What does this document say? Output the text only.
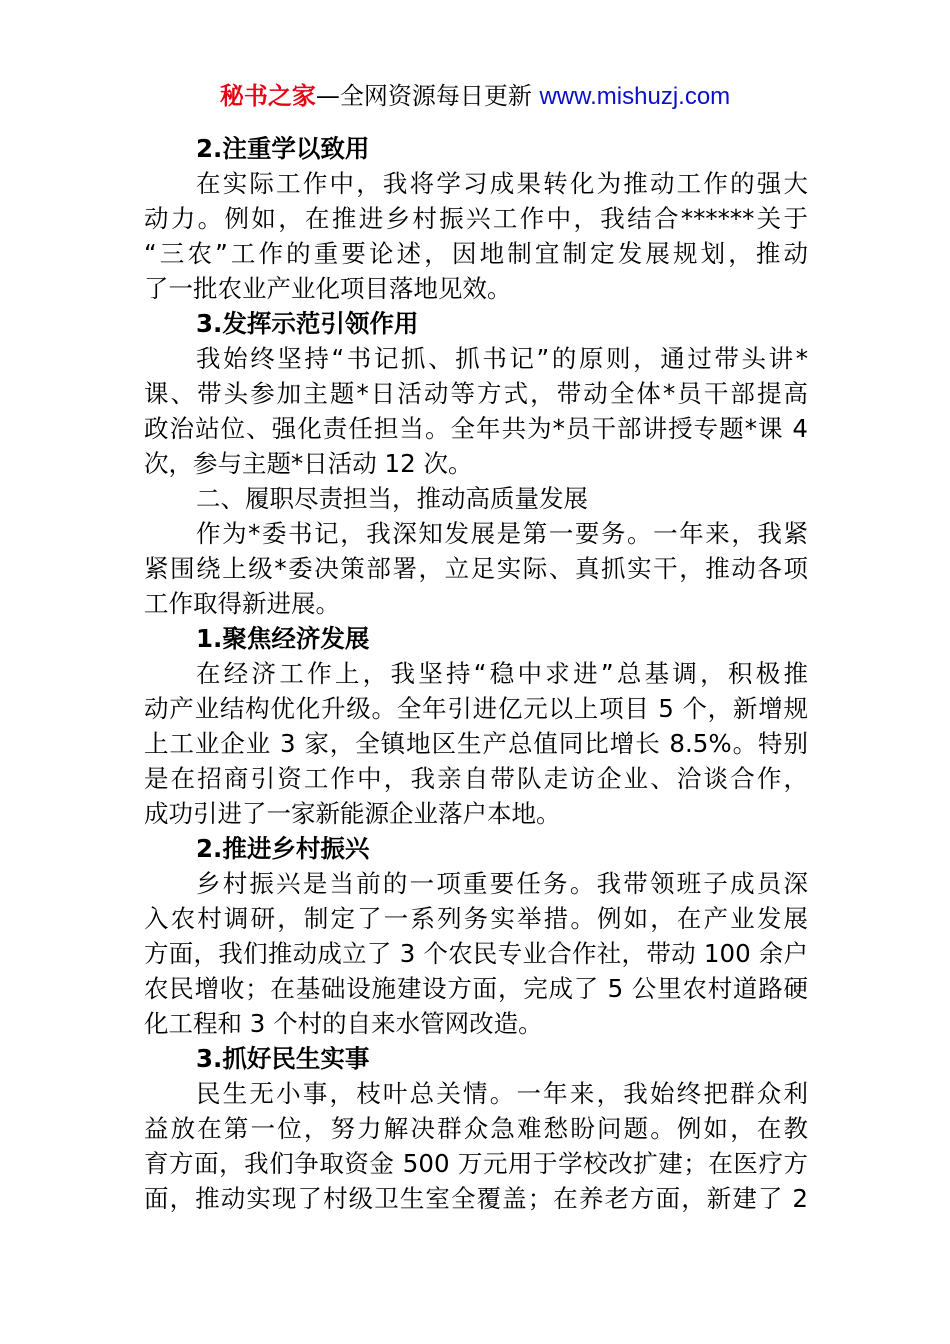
秘书之家—全网资源每日更新 www.mishuzj.com
2.注重学以致用
在实际工作中，我将学习成果转化为推动工作的强大
动力。例如，在推进乡村振兴工作中，我结合******关于
“三农”工作的重要论述，因地制宜制定发展规划，推动
了一批农业产业化项目落地见效。
3.发挥示范引领作用
我始终坚持“书记抓、抓书记”的原则，通过带头讲*
课、带头参加主题*日活动等方式，带动全体*员干部提高
政治站位、强化责任担当。全年共为*员干部讲授专题*课 4
次，参与主题*日活动 12 次。
二、履职尽责担当，推动高质量发展
作为*委书记，我深知发展是第一要务。一年来，我紧
紧围绕上级*委决策部署，立足实际、真抓实干，推动各项
工作取得新进展。
1.聚焦经济发展
在经济工作上，我坚持“稳中求进”总基调，积极推
动产业结构优化升级。全年引进亿元以上项目 5 个，新增规
上工业企业 3 家，全镇地区生产总值同比增长 8.5%。特别
是在招商引资工作中，我亲自带队走访企业、洽谈合作，
成功引进了一家新能源企业落户本地。
2.推进乡村振兴
乡村振兴是当前的一项重要任务。我带领班子成员深
入农村调研，制定了一系列务实举措。例如，在产业发展
方面，我们推动成立了 3 个农民专业合作社，带动 100 余户
农民增收；在基础设施建设方面，完成了 5 公里农村道路硬
化工程和 3 个村的自来水管网改造。
3.抓好民生实事
民生无小事，枝叶总关情。一年来，我始终把群众利
益放在第一位，努力解决群众急难愁盼问题。例如，在教
育方面，我们争取资金 500 万元用于学校改扩建；在医疗方
面，推动实现了村级卫生室全覆盖；在养老方面，新建了 2
